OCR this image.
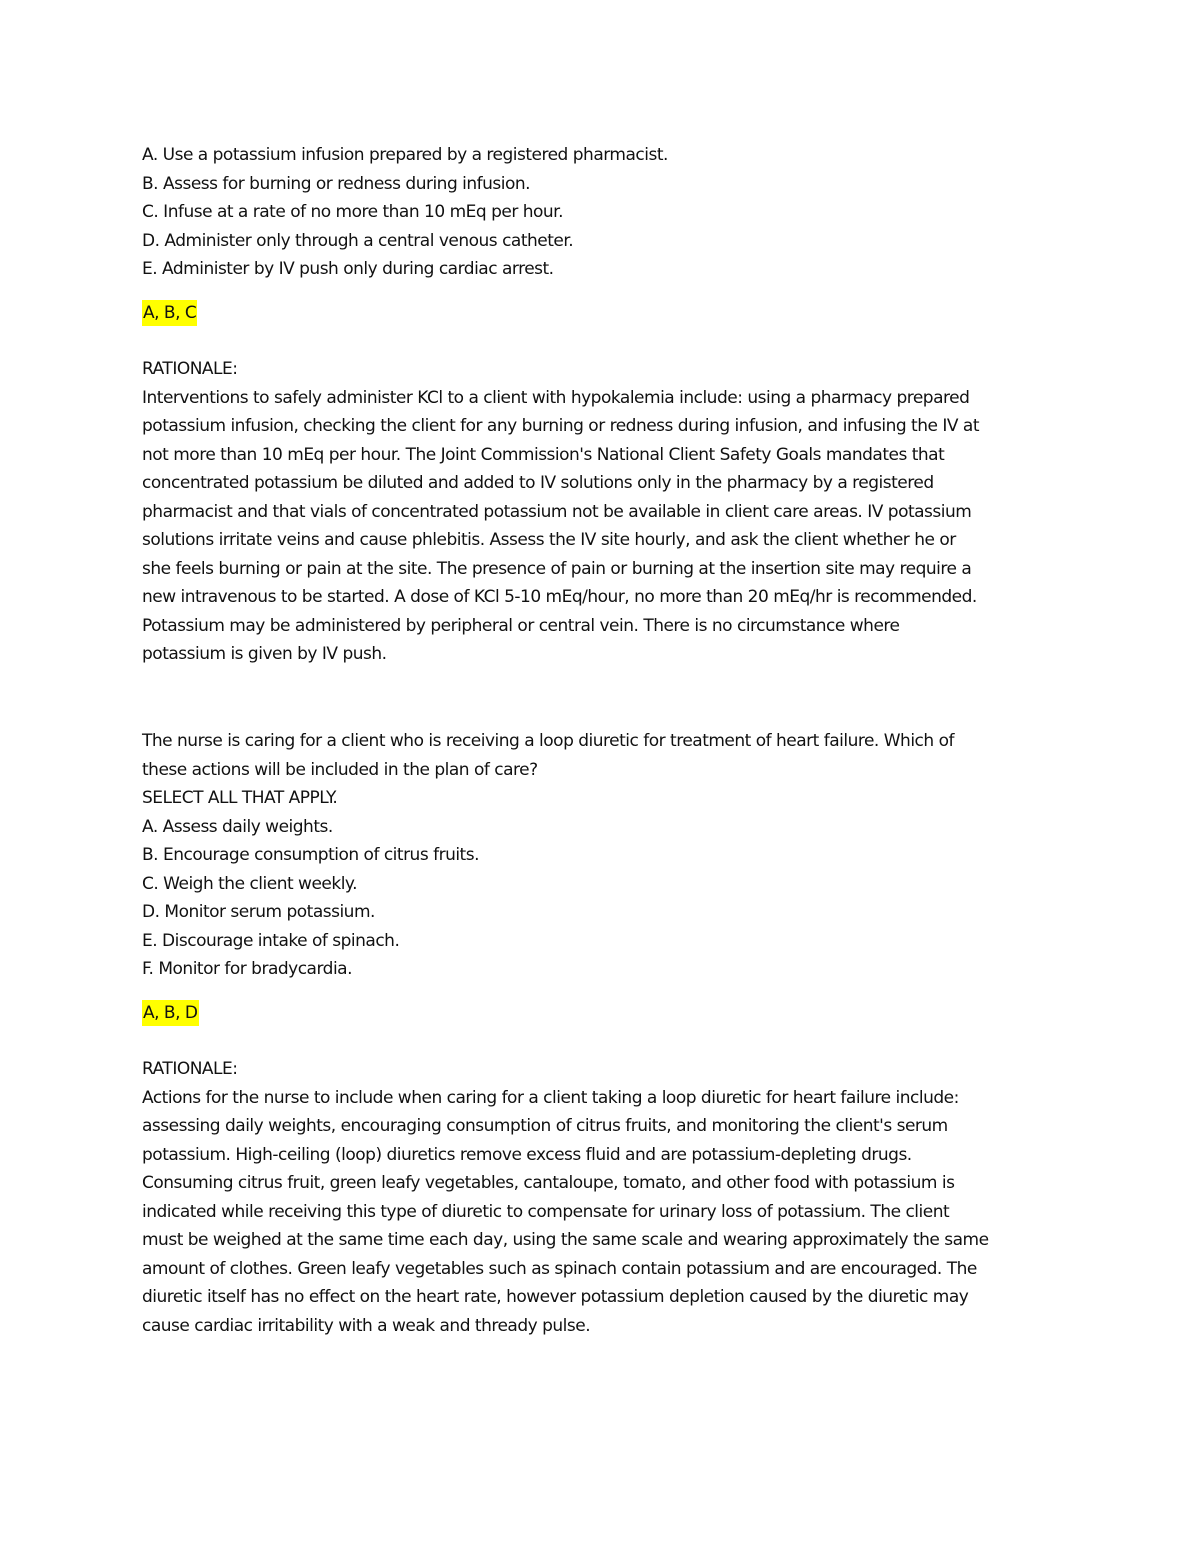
A. Use a potassium infusion prepared by a registered pharmacist.
B. Assess for burning or redness during infusion.
C. Infuse at a rate of no more than 10 mEq per hour.
D. Administer only through a central venous catheter.
E. Administer by IV push only during cardiac arrest.
A, B, C
RATIONALE:
Interventions to safely administer KCl to a client with hypokalemia include: using a pharmacy prepared
potassium infusion, checking the client for any burning or redness during infusion, and infusing the IV at
not more than 10 mEq per hour. The Joint Commission's National Client Safety Goals mandates that
concentrated potassium be diluted and added to IV solutions only in the pharmacy by a registered
pharmacist and that vials of concentrated potassium not be available in client care areas. IV potassium
solutions irritate veins and cause phlebitis. Assess the IV site hourly, and ask the client whether he or
she feels burning or pain at the site. The presence of pain or burning at the insertion site may require a
new intravenous to be started. A dose of KCl 5-10 mEq/hour, no more than 20 mEq/hr is recommended.
Potassium may be administered by peripheral or central vein. There is no circumstance where
potassium is given by IV push.
The nurse is caring for a client who is receiving a loop diuretic for treatment of heart failure. Which of
these actions will be included in the plan of care?
SELECT ALL THAT APPLY.
A. Assess daily weights.
B. Encourage consumption of citrus fruits.
C. Weigh the client weekly.
D. Monitor serum potassium.
E. Discourage intake of spinach.
F. Monitor for bradycardia.
A, B, D
RATIONALE:
Actions for the nurse to include when caring for a client taking a loop diuretic for heart failure include:
assessing daily weights, encouraging consumption of citrus fruits, and monitoring the client's serum
potassium. High-ceiling (loop) diuretics remove excess fluid and are potassium-depleting drugs.
Consuming citrus fruit, green leafy vegetables, cantaloupe, tomato, and other food with potassium is
indicated while receiving this type of diuretic to compensate for urinary loss of potassium. The client
must be weighed at the same time each day, using the same scale and wearing approximately the same
amount of clothes. Green leafy vegetables such as spinach contain potassium and are encouraged. The
diuretic itself has no effect on the heart rate, however potassium depletion caused by the diuretic may
cause cardiac irritability with a weak and thready pulse.
